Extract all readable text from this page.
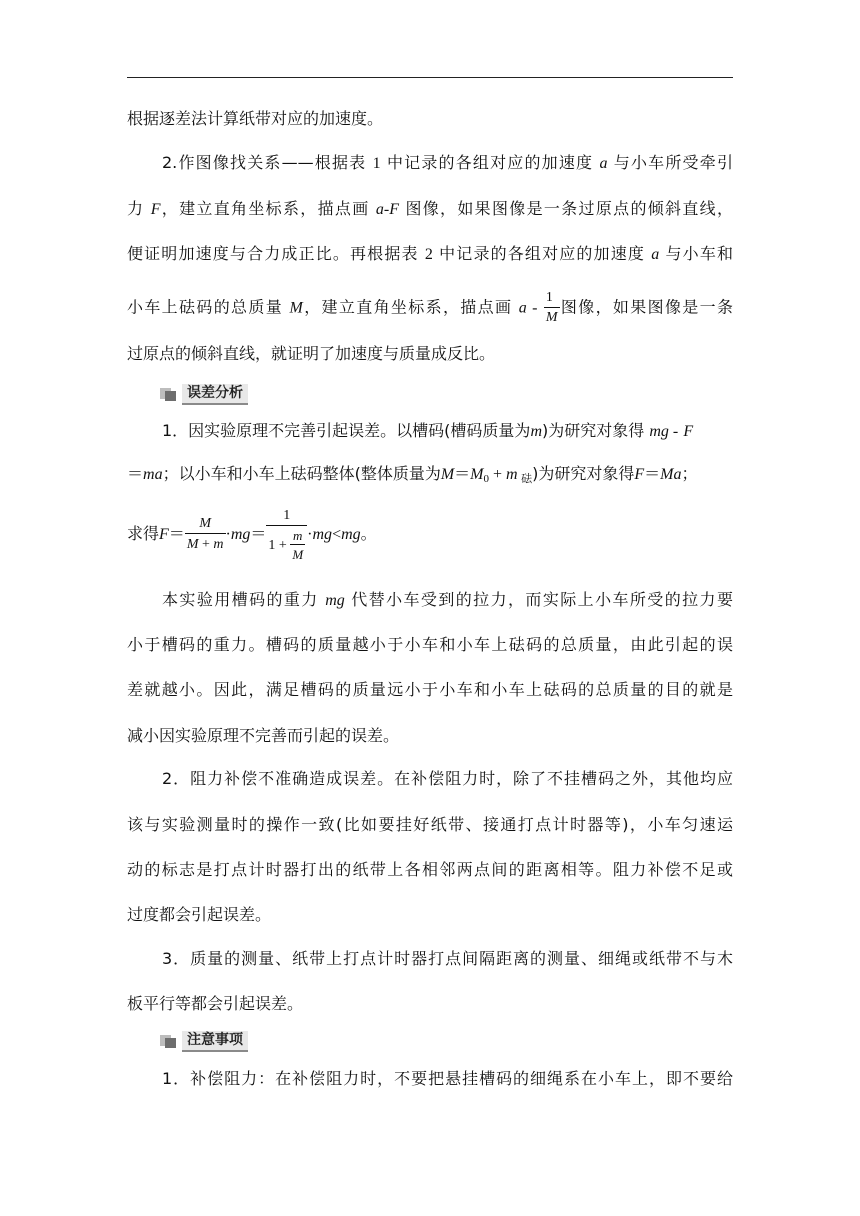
根据逐差法计算纸带对应的加速度。
2.作图像找关系——根据表 1 中记录的各组对应的加速度 a 与小车所受牵引
力 F，建立直角坐标系，描点画 a-F 图像，如果图像是一条过原点的倾斜直线，
便证明加速度与合力成正比。再根据表 2 中记录的各组对应的加速度 a 与小车和
小车上砝码的总质量 M，建立直角坐标系，描点画 a - $\frac{1}{M}$ 图像，如果图像是一条
过原点的倾斜直线，就证明了加速度与质量成反比。
误差分析
1．因实验原理不完善引起误差。以槽码(槽码质量为m)为研究对象得 mg - F
＝ma；以小车和小车上砝码整体(整体质量为$M=M_0 + m$ $_砝$)为研究对象得F＝Ma；
求得$F= \frac{M}{M + m} \cdot mg= \frac{1}{1 + \frac{m}{M}} \cdot mg<mg$。
本实验用槽码的重力 mg 代替小车受到的拉力，而实际上小车所受的拉力要
小于槽码的重力。槽码的质量越小于小车和小车上砝码的总质量，由此引起的误
差就越小。因此，满足槽码的质量远小于小车和小车上砝码的总质量的目的就是
减小因实验原理不完善而引起的误差。
2．阻力补偿不准确造成误差。在补偿阻力时，除了不挂槽码之外，其他均应
该与实验测量时的操作一致(比如要挂好纸带、接通打点计时器等)，小车匀速运
动的标志是打点计时器打出的纸带上各相邻两点间的距离相等。阻力补偿不足或
过度都会引起误差。
3．质量的测量、纸带上打点计时器打点间隔距离的测量、细绳或纸带不与木
板平行等都会引起误差。
注意事项
1．补偿阻力：在补偿阻力时，不要把悬挂槽码的细绳系在小车上，即不要给
